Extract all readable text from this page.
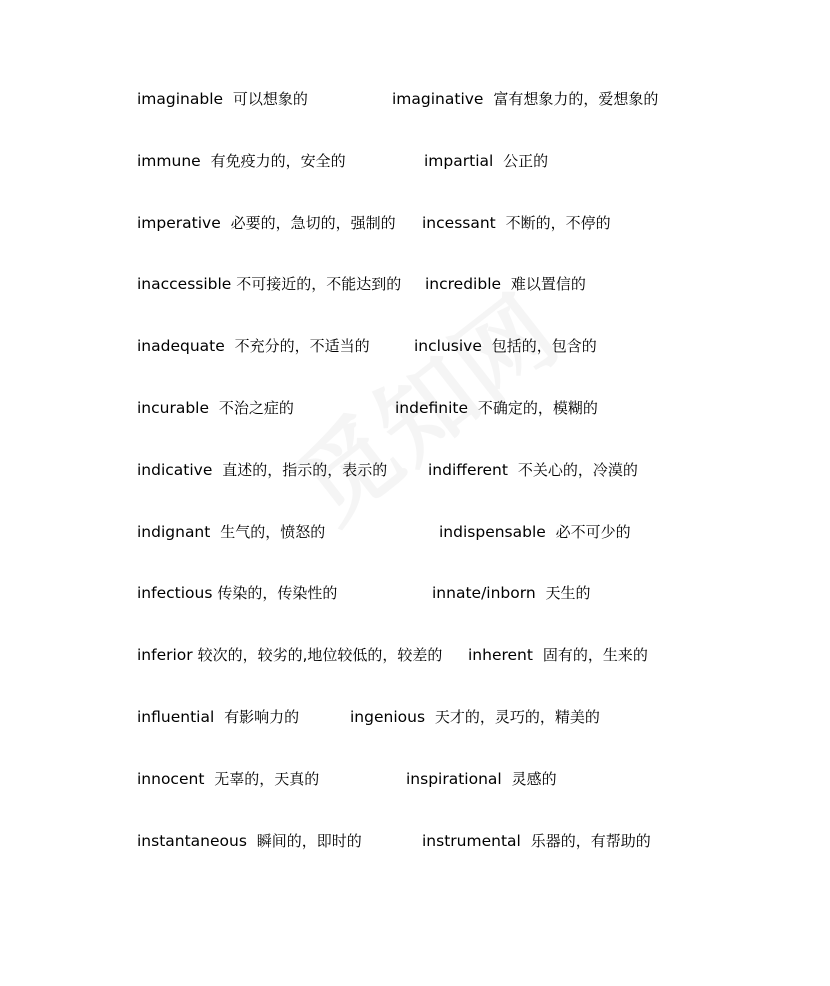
imaginable 可以想象的	imaginative 富有想象力的，爱想象的
immune 有免疫力的，安全的	impartial 公正的
imperative 必要的，急切的，强制的 incessant 不断的，不停的
inaccessible 不可接近的，不能达到的 incredible 难以置信的
inadequate 不充分的，不适当的	inclusive 包括的，包含的
incurable 不治之症的	indefinite 不确定的，模糊的
indicative 直述的，指示的，表示的	indifferent 不关心的，冷漠的
indignant 生气的，愤怒的	indispensable 必不可少的
infectious 传染的，传染性的	innate/inborn 天生的
inferior 较次的，较劣的,地位较低的，较差的 inherent 固有的，生来的
influential 有影响力的	ingenious 天才的，灵巧的，精美的
innocent 无辜的，天真的	inspirational 灵感的
instantaneous 瞬间的，即时的	instrumental 乐器的，有帮助的
